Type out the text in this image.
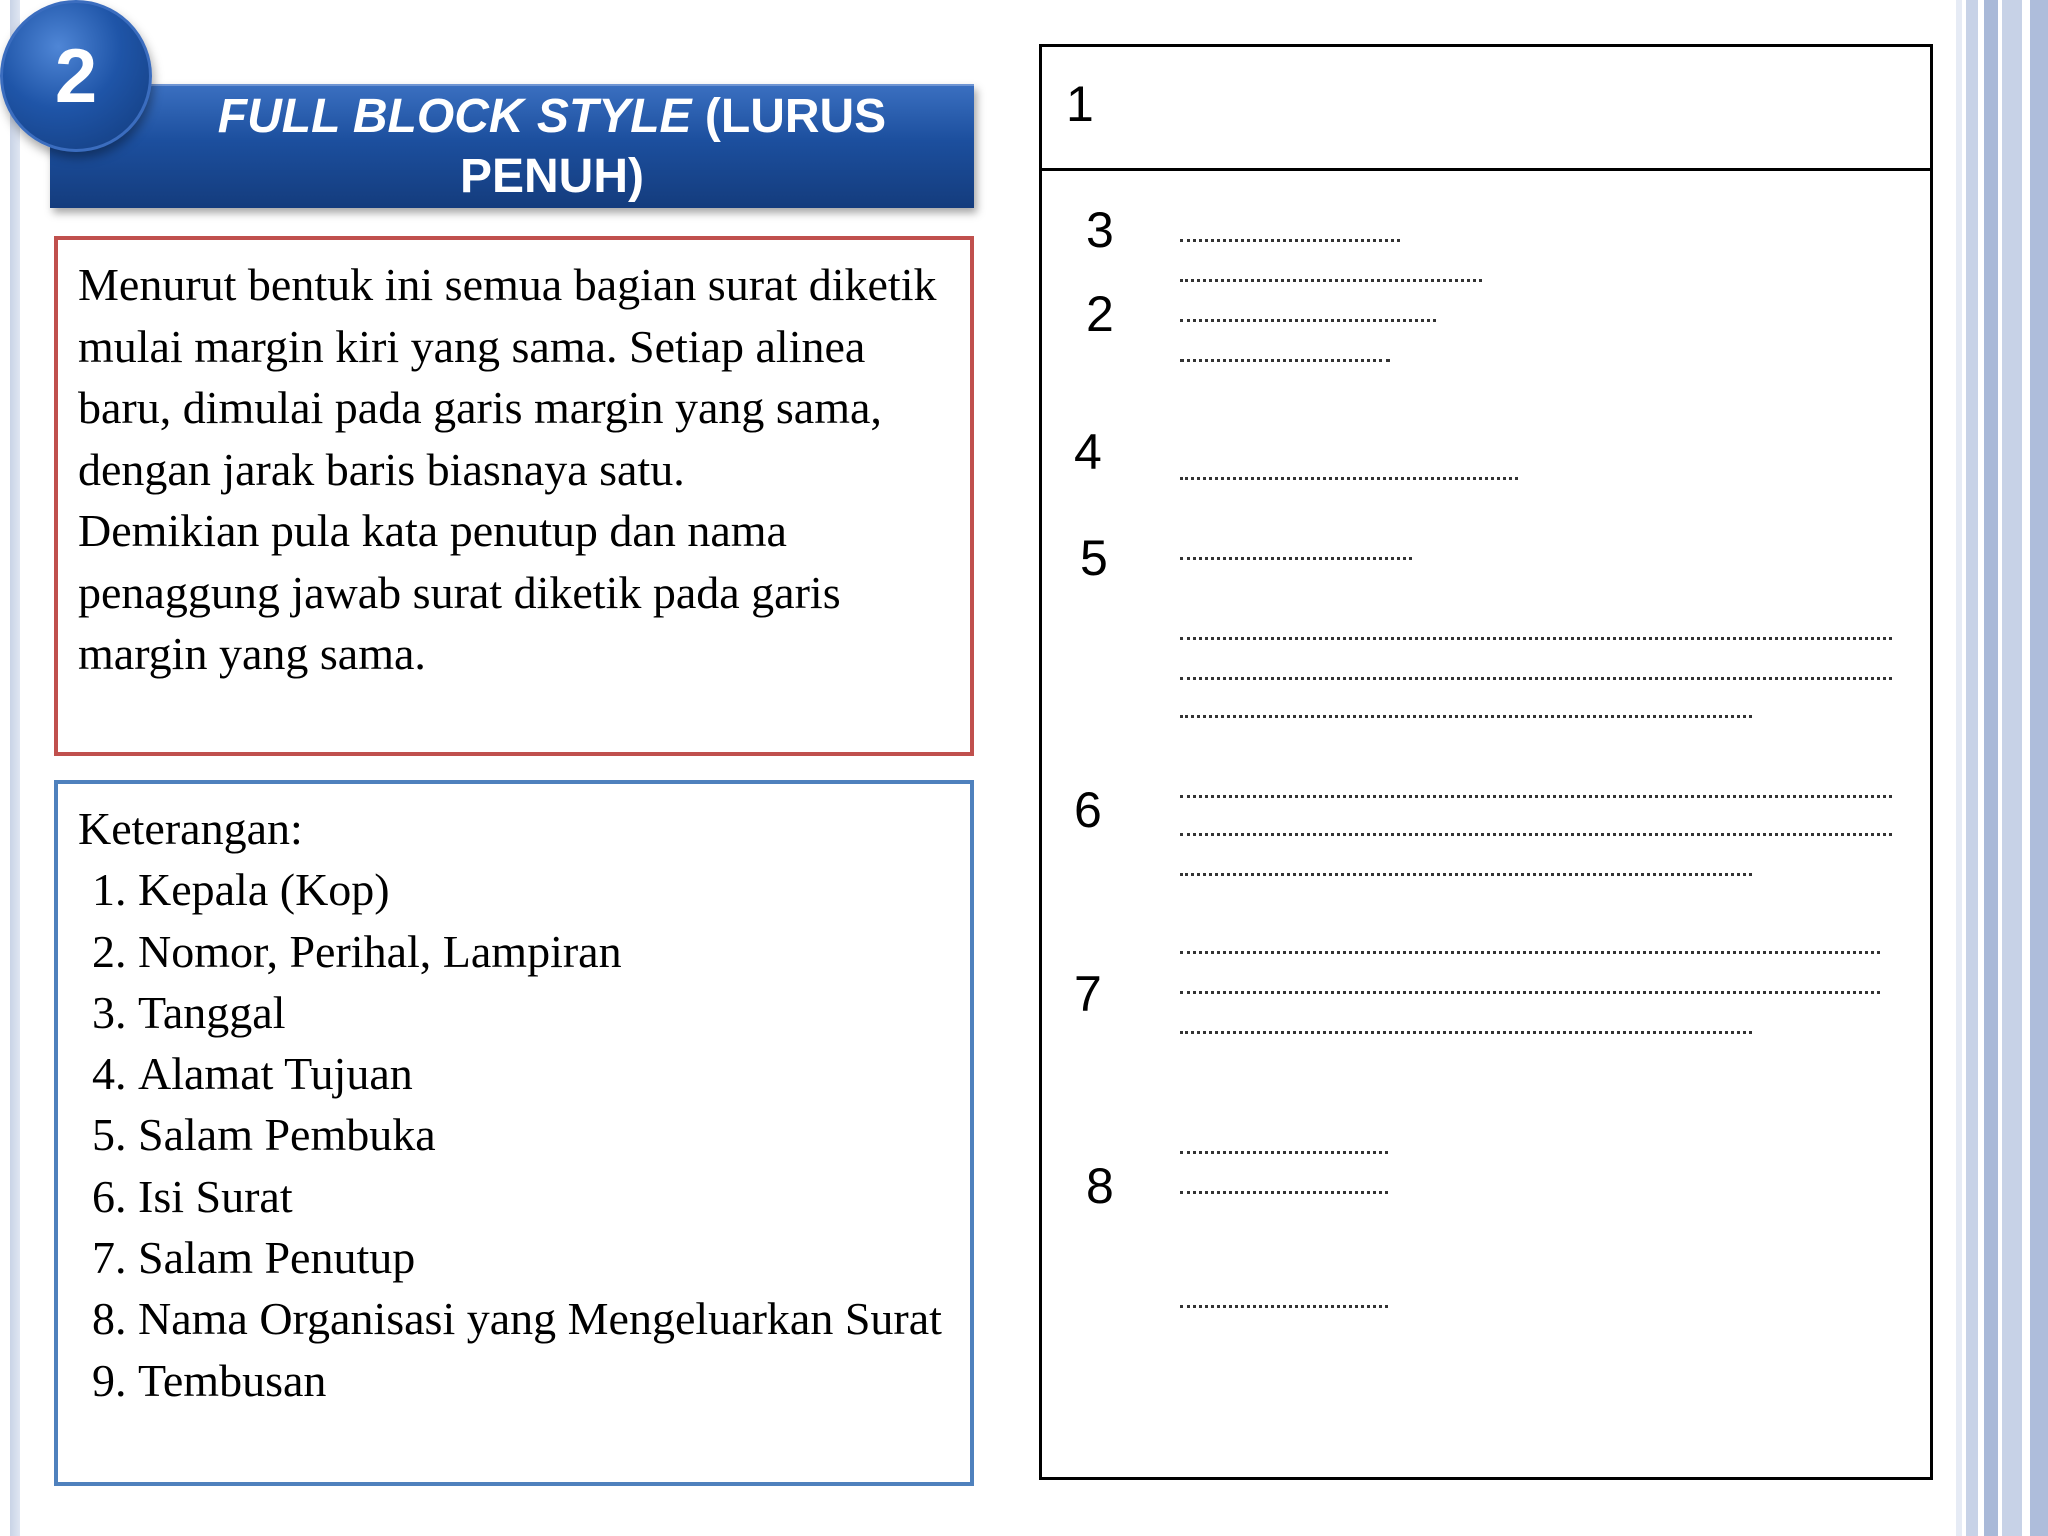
FULL BLOCK STYLE (LURUS PENUH)
2

Menurut bentuk ini semua bagian surat diketik mulai margin kiri yang sama. Setiap alinea baru, dimulai pada garis margin yang sama, dengan jarak baris biasnaya satu.

Demikian pula kata penutup dan nama penaggung jawab surat diketik pada garis margin yang sama.

Keterangan:
1. Kepala (Kop)
2. Nomor, Perihal, Lampiran
3. Tanggal
4. Alamat Tujuan
5. Salam Pembuka
6. Isi Surat
7. Salam Penutup
8. Nama Organisasi yang Mengeluarkan Surat
9. Tembusan
1
3
2
4
5
6
7
8
